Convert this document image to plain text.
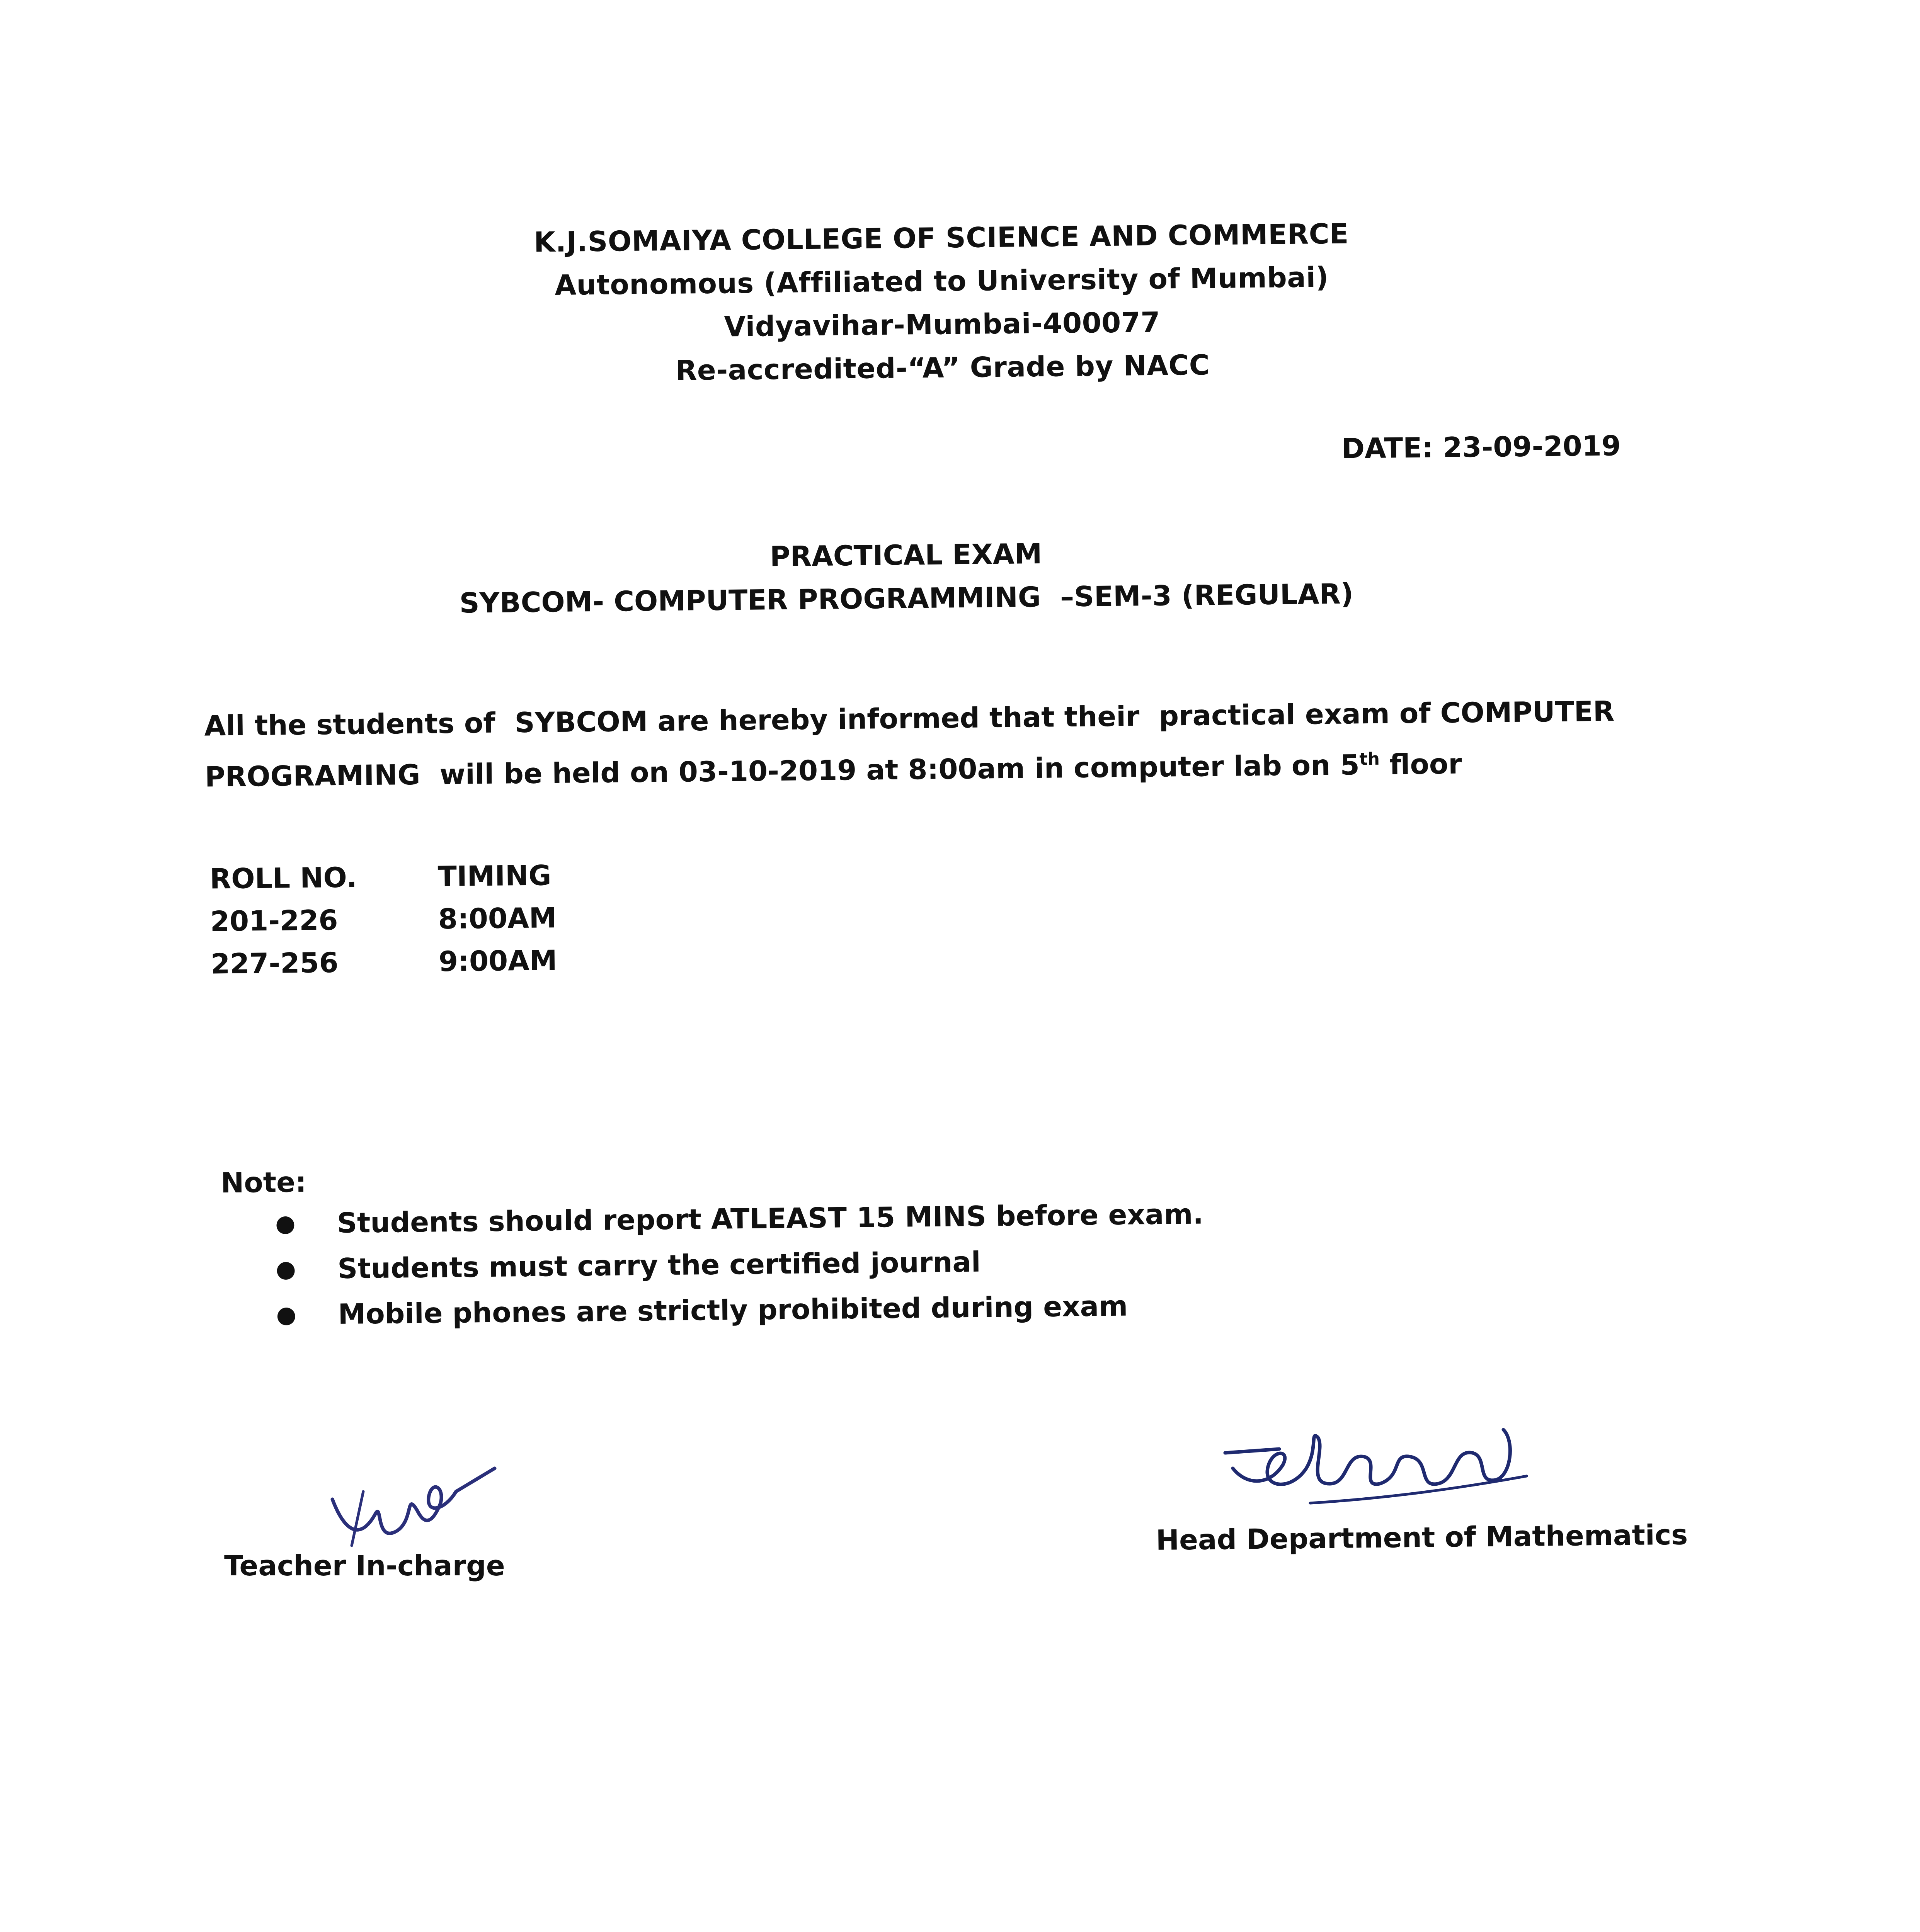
K.J.SOMAIYA COLLEGE OF SCIENCE AND COMMERCE
Autonomous (Affiliated to University of Mumbai)
Vidyavihar-Mumbai-400077
Re-accredited-“A” Grade by NACC
DATE: 23-09-2019
PRACTICAL EXAM
SYBCOM- COMPUTER PROGRAMMING  –SEM-3 (REGULAR)
All the students of  SYBCOM are hereby informed that their  practical exam of COMPUTER
PROGRAMING  will be held on 03-10-2019 at 8:00am in computer lab on 5th floor
ROLL NO.	TIMING
201-226	8:00AM
227-256	9:00AM
Note:
●	Students should report ATLEAST 15 MINS before exam.
●	Students must carry the certified journal
●	Mobile phones are strictly prohibited during exam
Head Department of Mathematics
Teacher In-charge
